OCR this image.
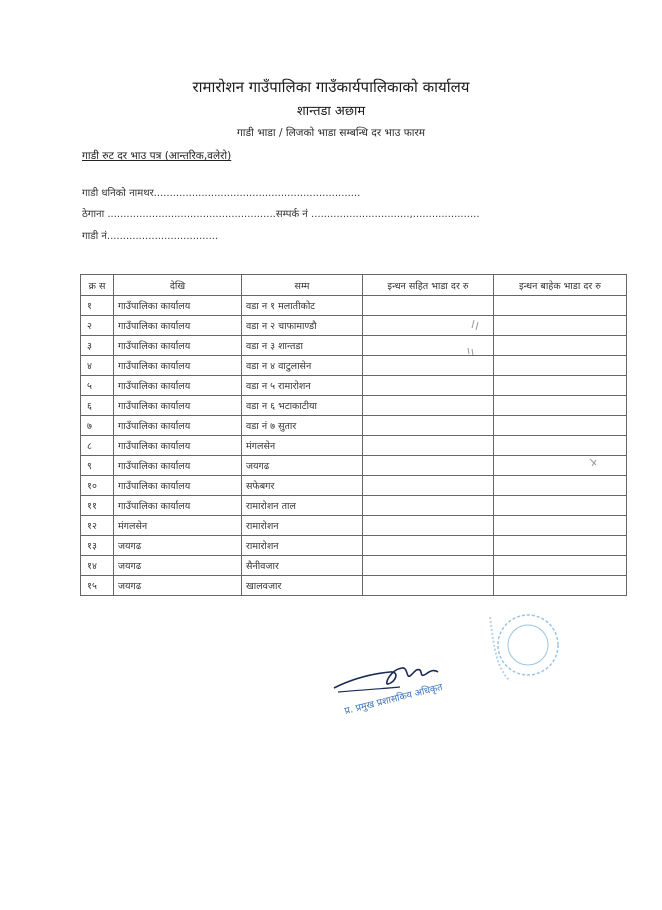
रामारोशन गाउँपालिका गाउँकार्यपालिकाको कार्यालय
शान्तडा अछाम
गाडी भाडा / लिजको भाडा सम्बन्धि दर भाउ फारम
गाडी रुट दर भाउ पत्र (आन्तरिक,वलेरो)
गाडी धनिको नामथर.................................................................
ठेगाना .....................................................सम्पर्क नं ...............................,.....................
गाडी नं...................................
क्र स	देखि	सम्म	इन्धन सहित भाडा दर रु	इन्धन बाहेक भाडा दर रु
१	गाउँपालिका कार्यालय	वडा न १ मलातीकोट		
२	गाउँपालिका कार्यालय	वडा न २ चाफामाण्डौ		
३	गाउँपालिका कार्यालय	वडा न ३ शान्तडा		
४	गाउँपालिका कार्यालय	वडा न ४ वाटुलासेन		
५	गाउँपालिका कार्यालय	वडा न ५ रामारोशन		
६	गाउँपालिका कार्यालय	वडा न ६ भटाकाटीया		
७	गाउँपालिका कार्यालय	वडा नं ७ सुतार		
८	गाउँपालिका कार्यालय	मंगलसेन		
९	गाउँपालिका कार्यालय	जयगढ		
१०	गाउँपालिका कार्यालय	सफेबगर		
११	गाउँपालिका कार्यालय	रामारोशन ताल		
१२	मंगलसेन	रामारोशन		
१३	जयगढ	रामारोशन		
१४	जयगढ	सैनीवजार		
१५	जयगढ	खालवजार		
प्र. प्रमुख प्रशासकिय अधिकृत
